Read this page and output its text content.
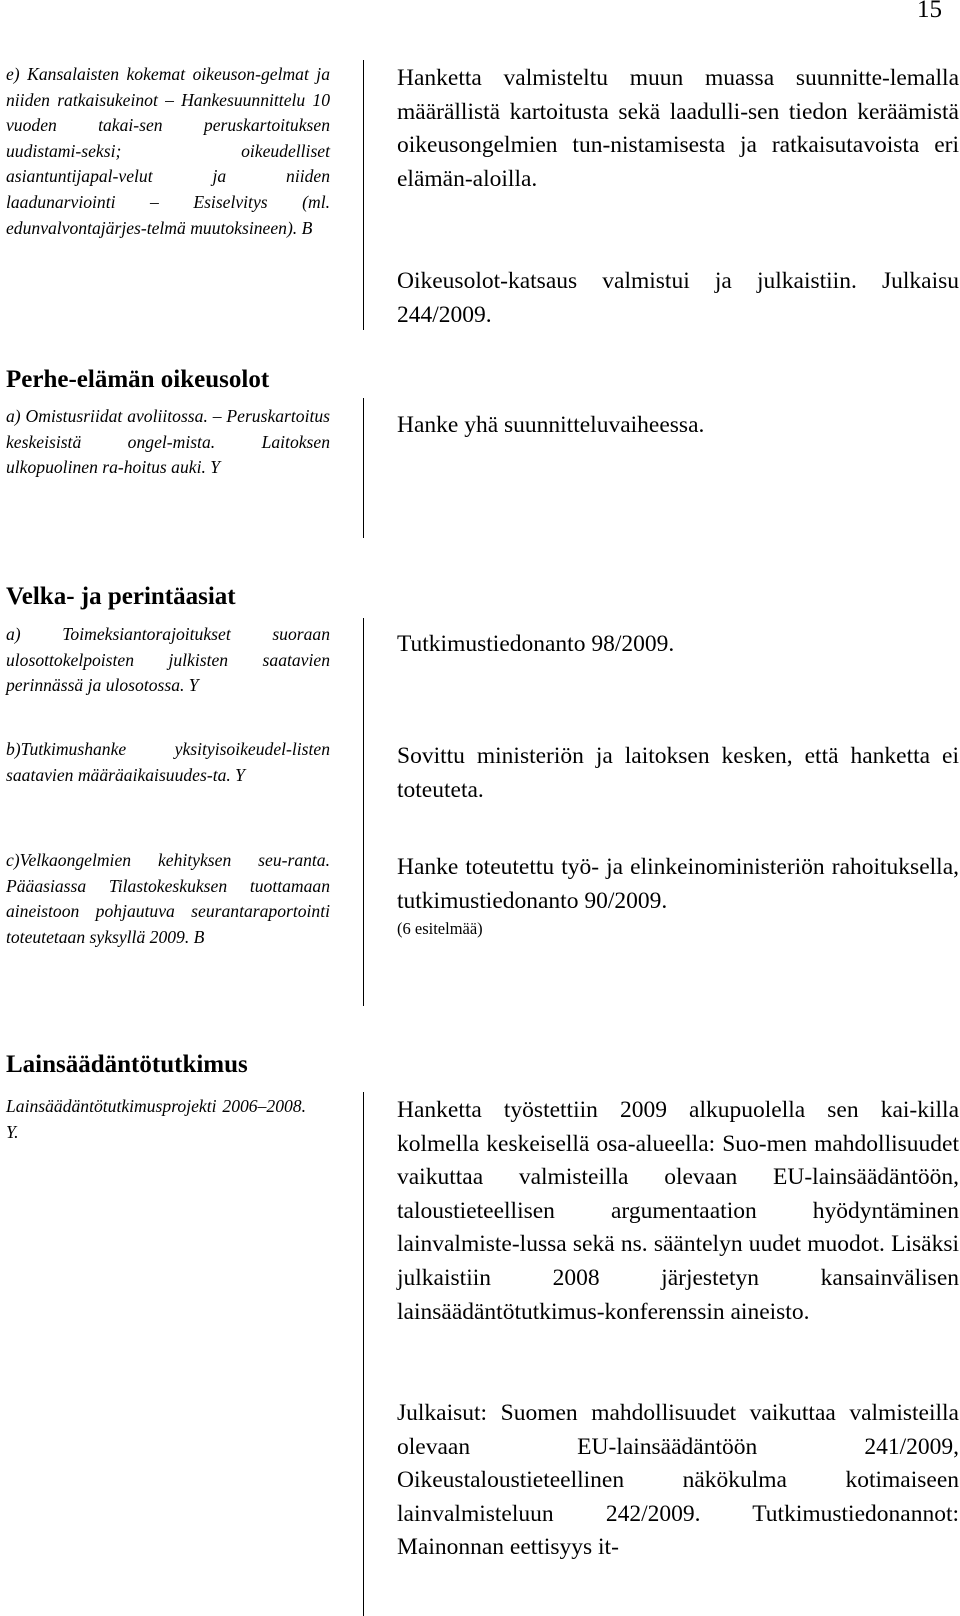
15
e) Kansalaisten kokemat oikeuson-gelmat ja niiden ratkaisukeinot – Hankesuunnittelu 10 vuoden takai-sen peruskartoituksen uudistami-seksi; oikeudelliset asiantuntijapal-velut ja niiden laadunarviointi – Esiselvitys (ml. edunvalvontajärjes-telmä muutoksineen). B
Hanketta valmisteltu muun muassa suunnitte-lemalla määrällistä kartoitusta sekä laadulli-sen tiedon keräämistä oikeusongelmien tun-nistamisesta ja ratkaisutavoista eri elämän-aloilla.
Oikeusolot-katsaus valmistui ja julkaistiin. Julkaisu 244/2009.
Perhe-elämän oikeusolot
a) Omistusriidat avoliitossa. – Peruskartoitus keskeisistä ongel-mista. Laitoksen ulkopuolinen ra-hoitus auki. Y
Hanke yhä suunnitteluvaiheessa.
Velka- ja perintäasiat
a) Toimeksiantorajoitukset suoraan ulosottokelpoisten julkisten saatavien perinnässä ja ulosotossa. Y
Tutkimustiedonanto 98/2009.
b)Tutkimushanke yksityisoikeudel-listen saatavien määräaikaisuudes-ta. Y
Sovittu ministeriön ja laitoksen kesken, että hanketta ei toteuteta.
c)Velkaongelmien kehityksen seu-ranta. Pääasiassa Tilastokeskuksen tuottamaan aineistoon pohjautuva seurantaraportointi toteutetaan syksyllä 2009. B
Hanke toteutettu työ- ja elinkeinoministeriön rahoituksella, tutkimustiedonanto 90/2009.
(6 esitelmää)
Lainsäädäntötutkimus
Lainsäädäntötutkimusprojekti 2006–2008. Y.
Hanketta työstettiin 2009 alkupuolella sen kai-killa kolmella keskeisellä osa-alueella: Suo-men mahdollisuudet vaikuttaa valmisteilla olevaan EU-lainsäädäntöön, taloustieteellisen argumentaation hyödyntäminen lainvalmiste-lussa sekä ns. sääntelyn uudet muodot. Lisäksi julkaistiin 2008 järjestetyn kansainvälisen lainsäädäntötutkimus-konferenssin aineisto.
Julkaisut: Suomen mahdollisuudet vaikuttaa valmisteilla olevaan EU-lainsäädäntöön 241/2009, Oikeustaloustieteellinen näkökulma kotimaiseen lainvalmisteluun 242/2009. Tutkimustiedonannot: Mainonnan eettisyys it-
